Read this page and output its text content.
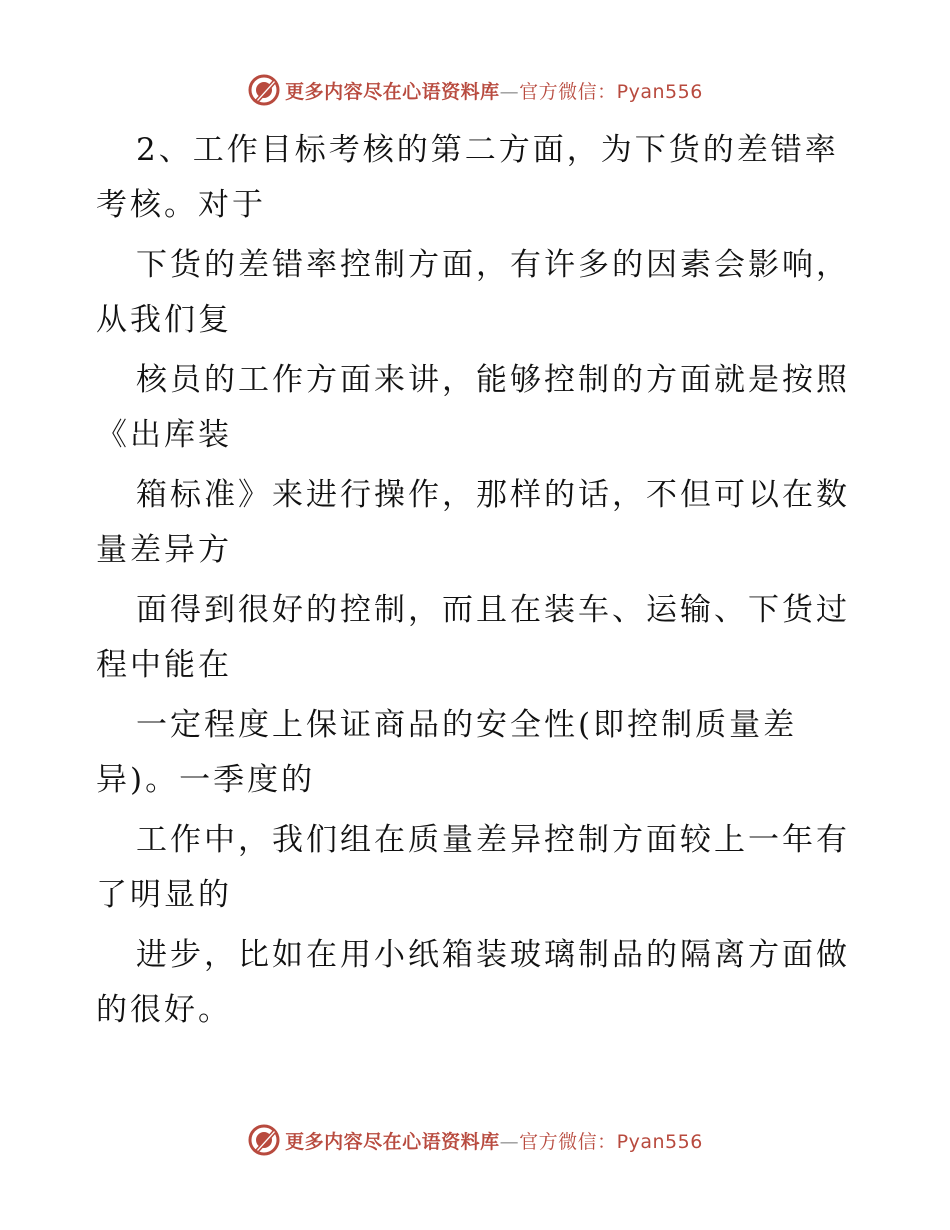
更多内容尽在心语资料库—官方微信：Pyan556
2、工作目标考核的第二方面，为下货的差错率
考核。对于
下货的差错率控制方面，有许多的因素会影响，
从我们复
核员的工作方面来讲，能够控制的方面就是按照
《出库装
箱标准》来进行操作，那样的话，不但可以在数
量差异方
面得到很好的控制，而且在装车、运输、下货过
程中能在
一定程度上保证商品的安全性(即控制质量差
异)。一季度的
工作中，我们组在质量差异控制方面较上一年有
了明显的
进步，比如在用小纸箱装玻璃制品的隔离方面做
的很好。
更多内容尽在心语资料库—官方微信：Pyan556
